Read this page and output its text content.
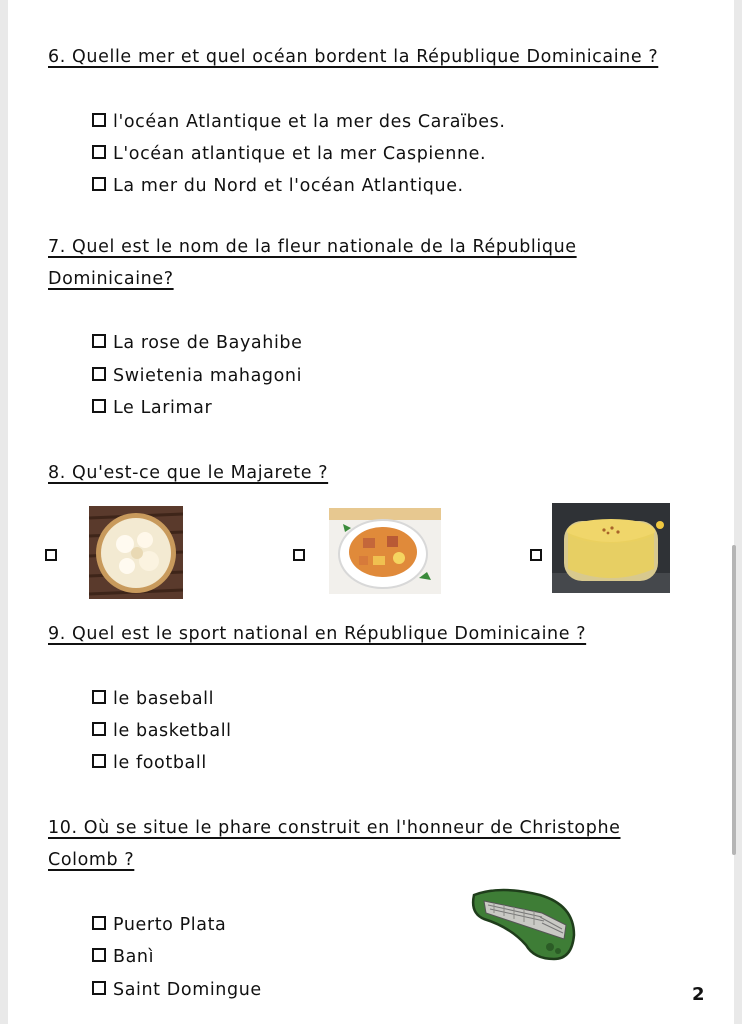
6. Quelle mer et quel océan bordent la République Dominicaine ?

l'océan Atlantique et la mer des Caraïbes.
L'océan atlantique et la mer Caspienne.
La mer du Nord et l'océan Atlantique.

7. Quel est le nom de la fleur nationale de la République

Dominicaine?

La rose de Bayahibe
Swietenia mahagoni
Le Larimar

8. Qu'est-ce que le Majarete ?

9. Quel est le sport national en République Dominicaine ?

le baseball
le basketball
le football

10. Où se situe le phare construit en l'honneur de Christophe

Colomb ?

Puerto Plata
Banì
Saint Domingue	2
